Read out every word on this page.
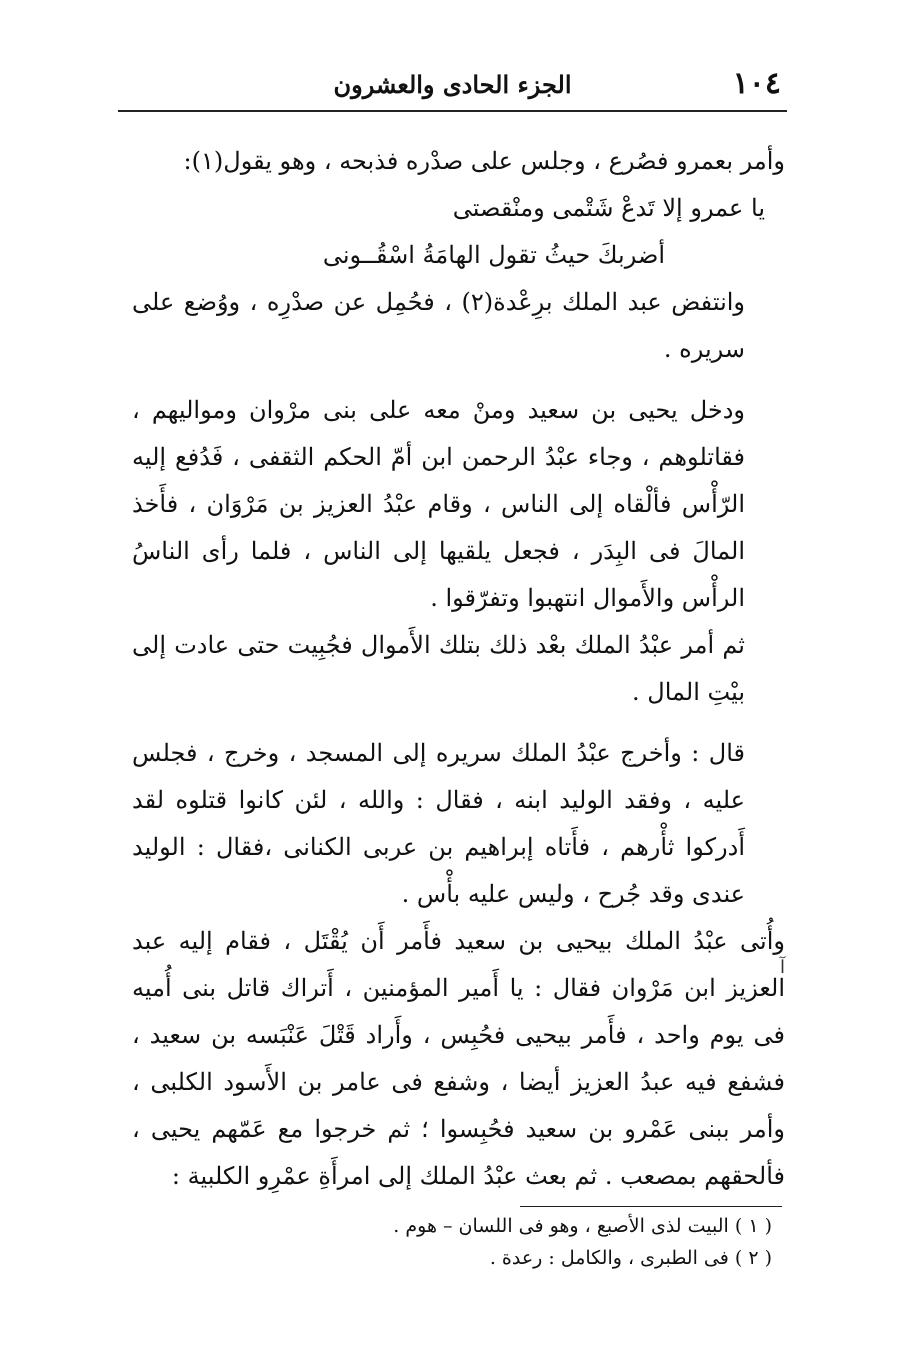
١٠٤
الجزء الحادى والعشرون

وأمر بعمرو فصُرع ، وجلس على صدْره فذبحه ، وهو يقول(١):

يا عمرو إلا تَدعْ شَتْمى ومنْقصتى

أضربكَ حيثُ تقول الهامَةُ اسْقُــونى

وانتفض عبد الملك برِعْدة(٢) ، فحُمِل عن صدْرِه ، ووُضع على سريره .

ودخل يحيى بن سعيد ومنْ معه على بنى مرْوان ومواليهم ، فقاتلوهم ، وجاء عبْدُ الرحمن ابن أمّ الحكم الثقفى ، فَدُفع إليه الرّأْس فألْقاه إلى الناس ، وقام عبْدُ العزيز بن مَرْوَان ، فأَخذ المالَ فى البِدَر ، فجعل يلقيها إلى الناس ، فلما رأى الناسُ الرأْس والأَموال انتهبوا وتفرّقوا .

ثم أمر عبْدُ الملك بعْد ذلك بتلك الأَموال فجُبِيت حتى عادت إلى بيْتِ المال .

قال : وأخرج عبْدُ الملك سريره إلى المسجد ، وخرج ، فجلس عليه ، وفقد الوليد ابنه ، فقال : والله ، لئن كانوا قتلوه لقد أَدركوا ثأْرهم ، فأَتاه إبراهيم بن عربى الكنانى ،فقال : الوليد عندى وقد جُرح ، وليس عليه بأْس .

وأُتى عبْدُ الملك بيحيى بن سعيد فأَمر أَن يُقْتَل ، فقام إليه عبد العزيز ابن مَرْوان فقال : يا أَمير المؤمنين ، أَتراك قاتل بنى أُميه فى يوم واحد ، فأَمر بيحيى فحُبِس ، وأَراد قَتْلَ عَنْبَسه بن سعيد ، فشفع فيه عبدُ العزيز أيضا ، وشفع فى عامر بن الأَسود الكلبى ، وأمر ببنى عَمْرو بن سعيد فحُبِسوا ؛ ثم خرجوا مع عَمّهم يحيى ، فألحقهم بمصعب . ثم بعث عبْدُ الملك إلى امرأَةِ عمْرِو الكلبية :

آ

( ١ ) البيت لذى الأصبع ، وهو فى اللسان – هوم .

( ٢ ) فى الطبرى ، والكامل : رعدة .
